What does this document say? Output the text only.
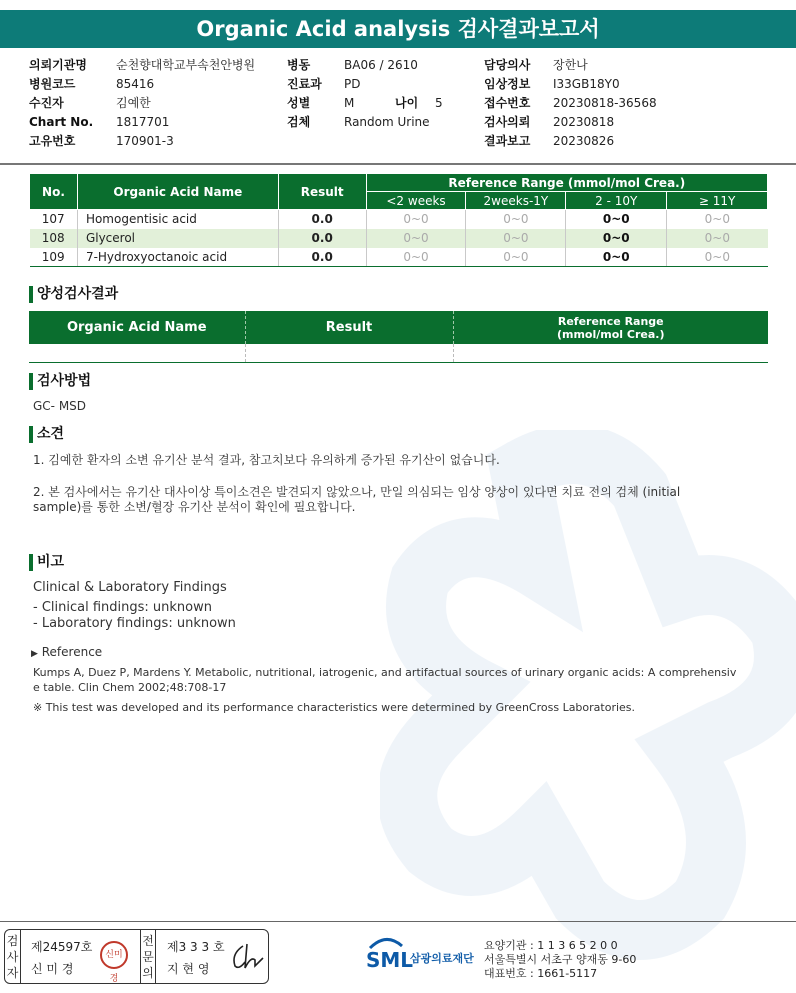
Organic Acid analysis 검사결과보고서
의뢰기관명 순천향대학교부속천안병원	병동	BA06 / 2610	담당의사 장한나
병원코드	85416	진료과 PD	임상정보 I33GB18Y0
수진자	김예한	성별	M	나이 5	접수번호 20230818-36568
Chart No. 1817701	검체	Random Urine	검사의뢰 20230818
고유번호	170901-3	결과보고 20230826
No.	Organic Acid Name	Result	Reference Range (mmol/mol Crea.)			
			<2 weeks	2weeks-1Y	2 - 10Y	≥ 11Y
107	Homogentisic acid	0.0	0~0	0~0	0~0	0~0
108	Glycerol	0.0	0~0	0~0	0~0	0~0
109	7-Hydroxyoctanoic acid	0.0	0~0	0~0	0~0	0~0
양성검사결과
Organic Acid Name	Result	Reference Range
(mmol/mol Crea.)

검사방법
GC- MSD
소견
1. 김예한 환자의 소변 유기산 분석 결과, 참고치보다 유의하게 증가된 유기산이 없습니다.
2. 본 검사에서는 유기산 대사이상 특이소견은 발견되지 않았으나, 만일 의심되는 임상 양상이 있다면 치료 전의 검체 (initial
sample)를 통한 소변/혈장 유기산 분석이 확인에 필요합니다.
비고
Clinical & Laboratory Findings
- Clinical findings: unknown
- Laboratory findings: unknown
▶ Reference
Kumps A, Duez P, Mardens Y. Metabolic, nutritional, iatrogenic, and artifactual sources of urinary organic acids: A comprehensiv
e table. Clin Chem 2002;48:708-17
※ This test was developed and its performance characteristics were determined by GreenCross Laboratories.
검사자
제24597호
신 미 경
신미경
전문의
제3 3 3 호
지 현 영	SML
삼광의료재단
요양기관 : 1 1 3 6 5 2 0 0
서울특별시 서초구 양재동 9-60
대표번호 : 1661-5117
